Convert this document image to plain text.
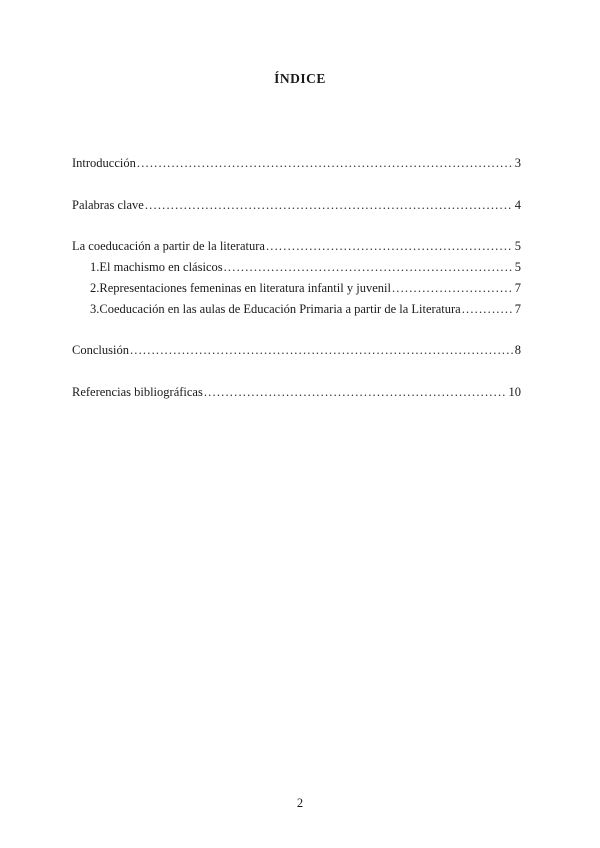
ÍNDICE
Introducción .....	3
Palabras clave .....	4
La coeducación a partir de la literatura .....	5
1. El machismo en clásicos .....	5
2. Representaciones femeninas en literatura infantil y juvenil .....	7
3. Coeducación en las aulas de Educación Primaria a partir de la Literatura .....	7
Conclusión .....	8
Referencias bibliográficas .....	10
2
